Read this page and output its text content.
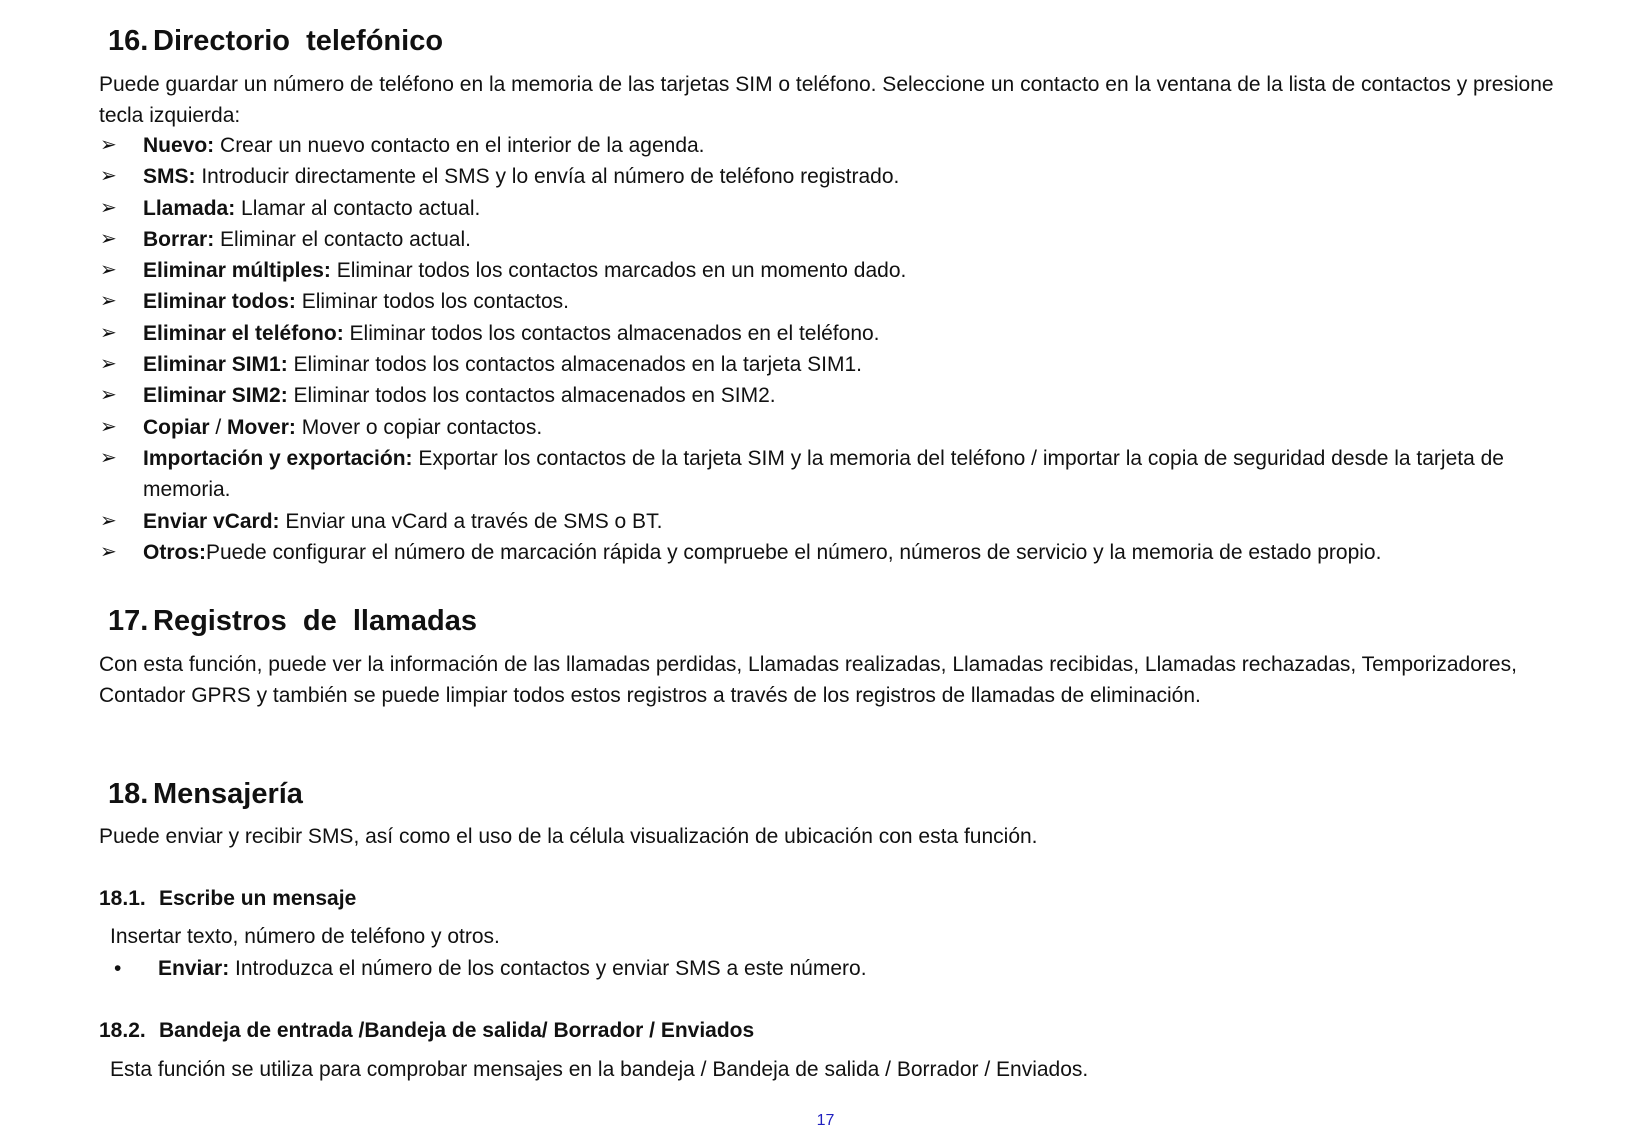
16. Directorio  telefónico

Puede guardar un número de teléfono en la memoria de las tarjetas SIM o teléfono. Seleccione un contacto en la ventana de la lista de contactos y presione tecla izquierda:

➢	Nuevo: Crear un nuevo contacto en el interior de la agenda.
➢	SMS: Introducir directamente el SMS y lo envía al número de teléfono registrado.
➢	Llamada: Llamar al contacto actual.
➢	Borrar: Eliminar el contacto actual.
➢	Eliminar múltiples: Eliminar todos los contactos marcados en un momento dado.
➢	Eliminar todos: Eliminar todos los contactos.
➢	Eliminar el teléfono: Eliminar todos los contactos almacenados en el teléfono.
➢	Eliminar SIM1: Eliminar todos los contactos almacenados en la tarjeta SIM1.
➢	Eliminar SIM2: Eliminar todos los contactos almacenados en SIM2.
➢	Copiar / Mover: Mover o copiar contactos.
➢	Importación y exportación: Exportar los contactos de la tarjeta SIM y la memoria del teléfono / importar la copia de seguridad desde la tarjeta de memoria.
➢	Enviar vCard: Enviar una vCard a través de SMS o BT.
➢	Otros:Puede configurar el número de marcación rápida y compruebe el número, números de servicio y la memoria de estado propio.
17. Registros  de  llamadas

Con esta función, puede ver la información de las llamadas perdidas, Llamadas realizadas, Llamadas recibidas, Llamadas rechazadas, Temporizadores, Contador GPRS y también se puede limpiar todos estos registros a través de los registros de llamadas de eliminación.

18. Mensajería

Puede enviar y recibir SMS, así como el uso de la célula visualización de ubicación con esta función.

18.1. Escribe un mensaje

Insertar texto, número de teléfono y otros.

• Enviar: Introduzca el número de los contactos y enviar SMS a este número.
18.2. Bandeja de entrada /Bandeja de salida/ Borrador / Enviados

Esta función se utiliza para comprobar mensajes en la bandeja / Bandeja de salida / Borrador / Enviados.

17
